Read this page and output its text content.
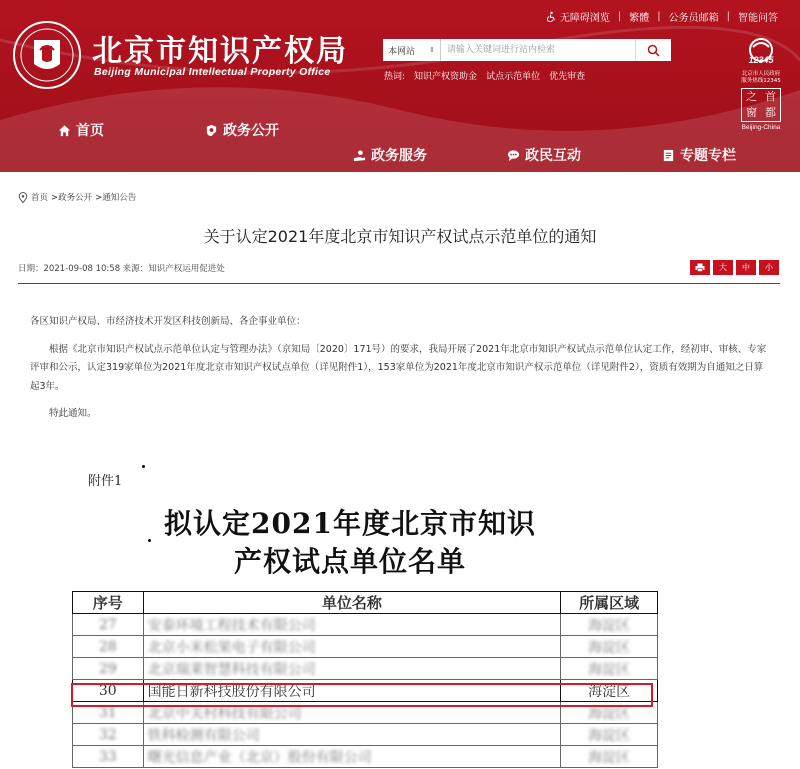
北京市知识产权局
Beijing Municipal Intellectual Property Office
无障碍浏览 | 繁體 | 公务员邮箱 | 智能问答
本网站 ⇕
请输入关键词进行站内检索
热词: 知识产权资助金 试点示范单位 优先审查
12345
北京市人民政府
服务热线12345
之 首
窗 都
Beijing-China
首页	政务公开
政务服务	政民互动	专题专栏
首页 >政务公开 >通知公告
关于认定2021年度北京市知识产权试点示范单位的通知
日期：2021-09-08 10:58 来源：知识产权运用促进处	大	中	小

各区知识产权局、市经济技术开发区科技创新局、各企事业单位：

根据《北京市知识产权试点示范单位认定与管理办法》（京知局〔2020〕171号）的要求，我局开展了2021年北京市知识产权试点示范单位认定工作，经初审、审核、专家评审和公示，认定319家单位为2021年度北京市知识产权试点单位（详见附件1），153家单位为2021年度北京市知识产权示范单位（详见附件2），资质有效期为自通知之日算起3年。

特此通知。

附件1
拟认定2021年度北京市知识
产权试点单位名单
序号	单位名称	所属区域
27	安泰环境工程技术有限公司	海淀区
28	北京小米松果电子有限公司	海淀区
29	北京瑞莱智慧科技有限公司	海淀区
30	国能日新科技股份有限公司	海淀区
31	北京中关村科技有限公司	海淀区
32	铁科检测有限公司	海淀区
33	曙光信息产业（北京）股份有限公司	海淀区
